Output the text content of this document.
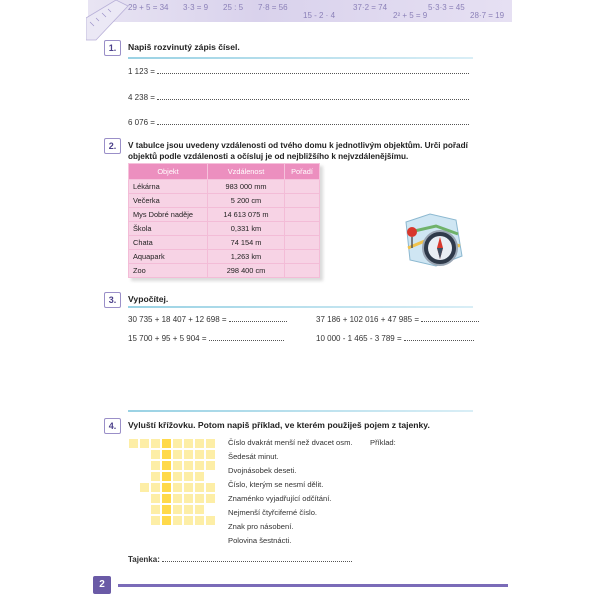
29 + 5 = 34 3·3 = 9 25 : 5 7·8 = 56
15 - 2 · 4
37·2 = 74
2² + 5 = 9
5·3·3 = 45
28·7 = 19
1.	Napiš rozvinutý zápis čísel.
1 123 =
4 238 =
6 076 =
2.	V tabulce jsou uvedeny vzdálenosti od tvého domu k jednotlivým objektům. Urči pořadí
objektů podle vzdálenosti a očísluj je od nejbližšího k nejvzdálenějšímu.
Objekt	Vzdálenost	Pořadí
Lékárna	983 000 mm	
Večerka	5 200 cm	
Mys Dobré naděje	14 613 075 m	
Škola	0,331 km	
Chata	74 154 m	
Aquapark	1,263 km	
Zoo	298 400 cm	
3.	Vypočítej.
30 735 + 18 407 + 12 698 =	37 186 + 102 016 + 47 985 =
15 700 + 95 + 5 904 =	10 000 - 1 465 - 3 789 =
4.	Vyluští křížovku. Potom napiš příklad, ve kterém použiješ pojem z tajenky.
Číslo dvakrát menší než dvacet osm.
Šedesát minut.
Dvojnásobek deseti.
Číslo, kterým se nesmí dělit.
Znaménko vyjadřující odčítání.
Nejmenší čtyřciferné číslo.
Znak pro násobení.
Polovina šestnácti.
Příklad:
Tajenka:
2
